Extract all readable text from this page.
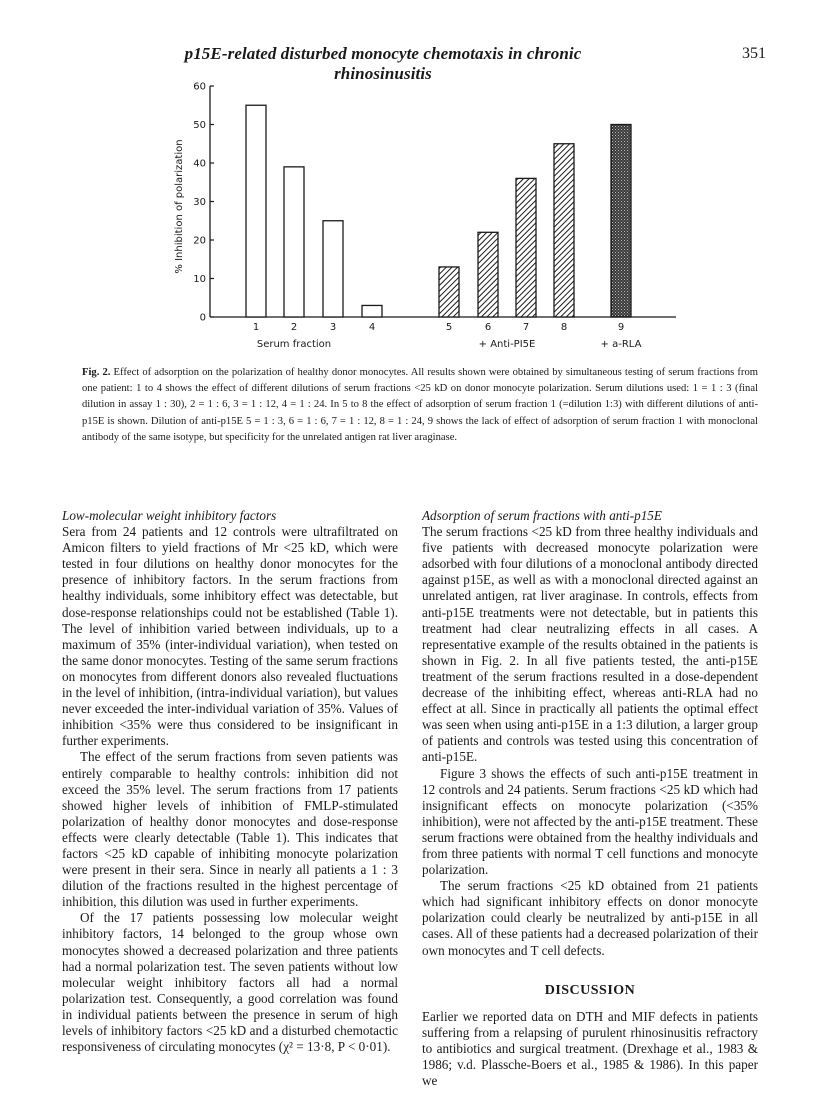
p15E-related disturbed monocyte chemotaxis in chronic rhinosinusitis
351
0
10
20
30
40
50
60
% Inhibition of polarization
1	2	3	4	5	6	7	8	9
Serum fraction	+ Anti-PI5E	+ a-RLA
Fig. 2. Effect of adsorption on the polarization of healthy donor monocytes. All results shown were obtained by simultaneous testing of serum fractions from one patient: 1 to 4 shows the effect of different dilutions of serum fractions <25 kD on donor monocyte polarization. Serum dilutions used: 1 = 1 : 3 (final dilution in assay 1 : 30), 2 = 1 : 6, 3 = 1 : 12, 4 = 1 : 24. In 5 to 8 the effect of adsorption of serum fraction 1 (=dilution 1:3) with different dilutions of anti-p15E is shown. Dilution of anti-p15E 5 = 1 : 3, 6 = 1 : 6, 7 = 1 : 12, 8 = 1 : 24, 9 shows the lack of effect of adsorption of serum fraction 1 with monoclonal antibody of the same isotype, but specificity for the unrelated antigen rat liver araginase.
Low-molecular weight inhibitory factors

Sera from 24 patients and 12 controls were ultrafiltrated on Amicon filters to yield fractions of Mr <25 kD, which were tested in four dilutions on healthy donor monocytes for the presence of inhibitory factors. In the serum fractions from healthy individuals, some inhibitory effect was detectable, but dose-response relationships could not be established (Table 1). The level of inhibition varied between individuals, up to a maximum of 35% (inter-individual variation), when tested on the same donor monocytes. Testing of the same serum fractions on monocytes from different donors also revealed fluctuations in the level of inhibition, (intra-individual variation), but values never exceeded the inter-individual variation of 35%. Values of inhibition <35% were thus considered to be insignificant in further experiments.

The effect of the serum fractions from seven patients was entirely comparable to healthy controls: inhibition did not exceed the 35% level. The serum fractions from 17 patients showed higher levels of inhibition of FMLP-stimulated polarization of healthy donor monocytes and dose-response effects were clearly detectable (Table 1). This indicates that factors <25 kD capable of inhibiting monocyte polarization were present in their sera. Since in nearly all patients a 1 : 3 dilution of the fractions resulted in the highest percentage of inhibition, this dilution was used in further experiments.

Of the 17 patients possessing low molecular weight inhibitory factors, 14 belonged to the group whose own monocytes showed a decreased polarization and three patients had a normal polarization test. The seven patients without low molecular weight inhibitory factors all had a normal polarization test. Consequently, a good correlation was found in individual patients between the presence in serum of high levels of inhibitory factors <25 kD and a disturbed chemotactic responsiveness of circulating monocytes (χ² = 13·8, P < 0·01).

Adsorption of serum fractions with anti-p15E

The serum fractions <25 kD from three healthy individuals and five patients with decreased monocyte polarization were adsorbed with four dilutions of a monoclonal antibody directed against p15E, as well as with a monoclonal directed against an unrelated antigen, rat liver araginase. In controls, effects from anti-p15E treatments were not detectable, but in patients this treatment had clear neutralizing effects in all cases. A representative example of the results obtained in the patients is shown in Fig. 2. In all five patients tested, the anti-p15E treatment of the serum fractions resulted in a dose-dependent decrease of the inhibiting effect, whereas anti-RLA had no effect at all. Since in practically all patients the optimal effect was seen when using anti-p15E in a 1:3 dilution, a larger group of patients and controls was tested using this concentration of anti-p15E.

Figure 3 shows the effects of such anti-p15E treatment in 12 controls and 24 patients. Serum fractions <25 kD which had insignificant effects on monocyte polarization (<35% inhibition), were not affected by the anti-p15E treatment. These serum fractions were obtained from the healthy individuals and from three patients with normal T cell functions and monocyte polarization.

The serum fractions <25 kD obtained from 21 patients which had significant inhibitory effects on donor monocyte polarization could clearly be neutralized by anti-p15E in all cases. All of these patients had a decreased polarization of their own monocytes and T cell defects.

DISCUSSION

Earlier we reported data on DTH and MIF defects in patients suffering from a relapsing of purulent rhinosinusitis refractory to antibiotics and surgical treatment. (Drexhage et al., 1983 & 1986; v.d. Plassche-Boers et al., 1985 & 1986). In this paper we
